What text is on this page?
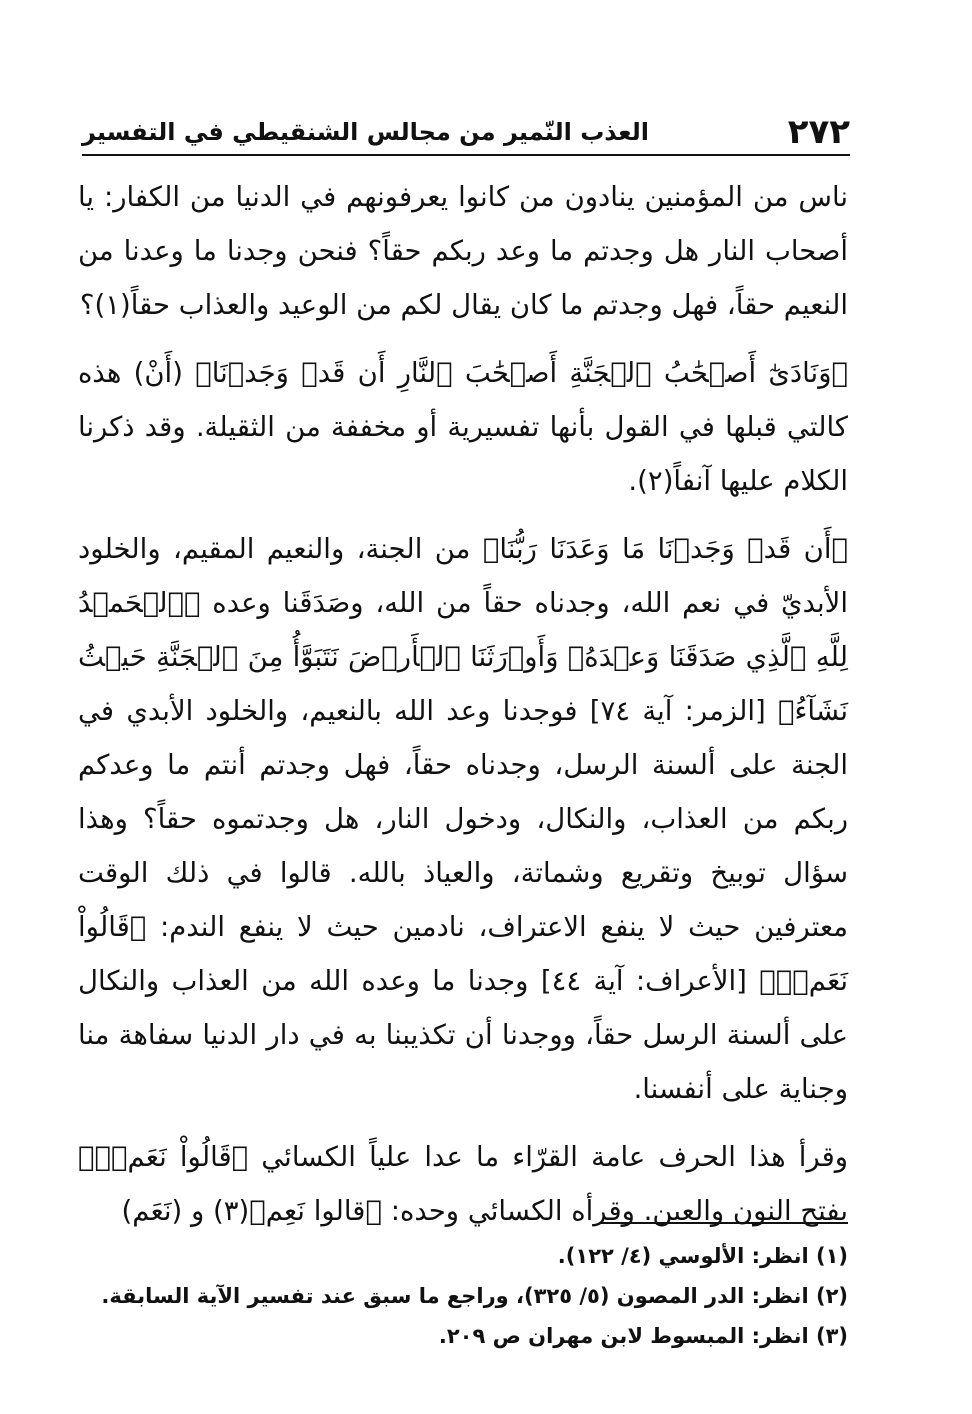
٢٧٢
العذب النّمير من مجالس الشنقيطي في التفسير

ناس من المؤمنين ينادون من كانوا يعرفونهم في الدنيا من الكفار: يا أصحاب النار هل وجدتم ما وعد ربكم حقاً؟ فنحن وجدنا ما وعدنا من النعيم حقاً، فهل وجدتم ما كان يقال لكم من الوعيد والعذاب حقاً(١)؟

﴿وَنَادَىٰٓ أَصۡحَٰبُ ٱلۡجَنَّةِ أَصۡحَٰبَ ٱلنَّارِ أَن قَدۡ وَجَدۡنَا﴾ (أَنْ) هذه كالتي قبلها في القول بأنها تفسيرية أو مخففة من الثقيلة. وقد ذكرنا الكلام عليها آنفاً(٢).

﴿أَن قَدۡ وَجَدۡنَا مَا وَعَدَنَا رَبُّنَا﴾ من الجنة، والنعيم المقيم، والخلود الأبديّ في نعم الله، وجدناه حقاً من الله، وصَدَقَنا وعده ﴿ٱلۡحَمۡدُ لِلَّهِ ٱلَّذِي صَدَقَنَا وَعۡدَهُۥ وَأَوۡرَثَنَا ٱلۡأَرۡضَ نَتَبَوَّأُ مِنَ ٱلۡجَنَّةِ حَيۡثُ نَشَآءُ﴾ [الزمر: آية ٧٤] فوجدنا وعد الله بالنعيم، والخلود الأبدي في الجنة على ألسنة الرسل، وجدناه حقاً، فهل وجدتم أنتم ما وعدكم ربكم من العذاب، والنكال، ودخول النار، هل وجدتموه حقاً؟ وهذا سؤال توبيخ وتقريع وشماتة، والعياذ بالله. قالوا في ذلك الوقت معترفين حيث لا ينفع الاعتراف، نادمين حيث لا ينفع الندم: ﴿قَالُواْ نَعَمۡۚ﴾ [الأعراف: آية ٤٤] وجدنا ما وعده الله من العذاب والنكال على ألسنة الرسل حقاً، ووجدنا أن تكذيبنا به في دار الدنيا سفاهة منا وجناية على أنفسنا.

وقرأ هذا الحرف عامة القرّاء ما عدا علياً الكسائي ﴿قَالُواْ نَعَمۡۚ﴾ بفتح النون والعين. وقرأه الكسائي وحده: ﴿قالوا نَعِم﴾(٣) و (نَعَم)

(١) انظر: الألوسي (٤/ ١٢٢).
(٢) انظر: الدر المصون (٥/ ٣٢٥)، وراجع ما سبق عند تفسير الآية السابقة.
(٣) انظر: المبسوط لابن مهران ص ٢٠٩.
